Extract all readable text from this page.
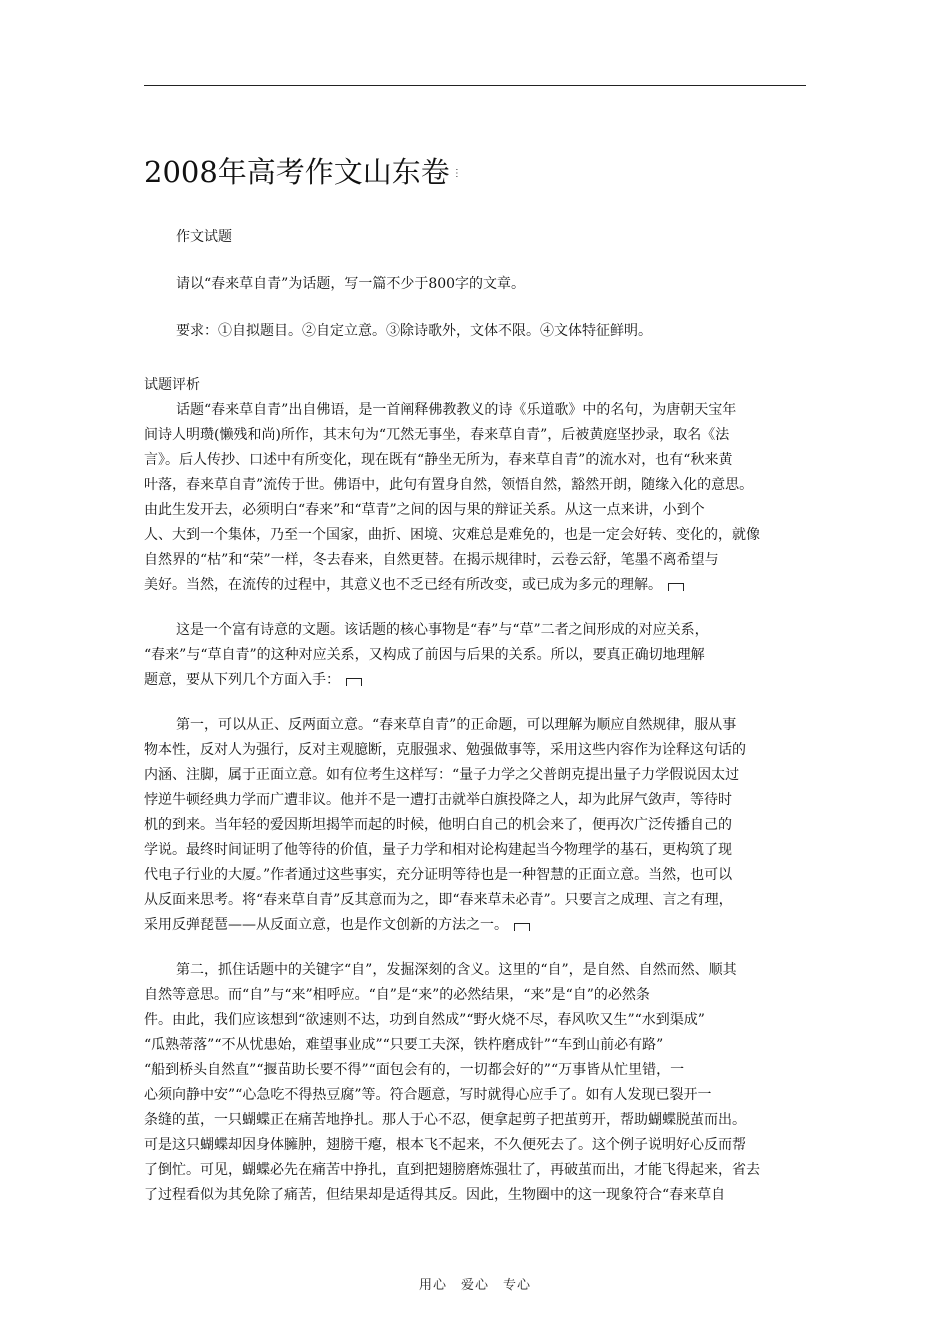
2008年高考作文山东卷 ⋮
作文试题
请以“春来草自青”为话题，写一篇不少于800字的文章。
要求：①自拟题目。②自定立意。③除诗歌外，文体不限。④文体特征鲜明。
试题评析
话题“春来草自青”出自佛语，是一首阐释佛教教义的诗《乐道歌》中的名句，为唐朝天宝年
间诗人明瓒(懒残和尚)所作，其末句为“兀然无事坐，春来草自青”，后被黄庭坚抄录，取名《法
言》。后人传抄、口述中有所变化，现在既有“静坐无所为，春来草自青”的流水对，也有“秋来黄
叶落，春来草自青”流传于世。佛语中，此句有置身自然，领悟自然，豁然开朗，随缘入化的意思。
由此生发开去，必须明白“春来”和“草青”之间的因与果的辩证关系。从这一点来讲，小到个
人、大到一个集体，乃至一个国家，曲折、困境、灾难总是难免的，也是一定会好转、变化的，就像
自然界的“枯”和“荣”一样，冬去春来，自然更替。在揭示规律时，云卷云舒，笔墨不离希望与
美好。当然，在流传的过程中，其意义也不乏已经有所改变，或已成为多元的理解。
这是一个富有诗意的文题。该话题的核心事物是“春”与“草”二者之间形成的对应关系，
“春来”与“草自青”的这种对应关系，又构成了前因与后果的关系。所以，要真正确切地理解
题意，要从下列几个方面入手：
第一，可以从正、反两面立意。“春来草自青”的正命题，可以理解为顺应自然规律，服从事
物本性，反对人为强行，反对主观臆断，克服强求、勉强做事等，采用这些内容作为诠释这句话的
内涵、注脚，属于正面立意。如有位考生这样写：“量子力学之父普朗克提出量子力学假说因太过
悖逆牛顿经典力学而广遭非议。他并不是一遭打击就举白旗投降之人，却为此屏气敛声，等待时
机的到来。当年轻的爱因斯坦揭竿而起的时候，他明白自己的机会来了，便再次广泛传播自己的
学说。最终时间证明了他等待的价值，量子力学和相对论构建起当今物理学的基石，更构筑了现
代电子行业的大厦。”作者通过这些事实，充分证明等待也是一种智慧的正面立意。当然，也可以
从反面来思考。将“春来草自青”反其意而为之，即“春来草未必青”。只要言之成理、言之有理，
采用反弹琵琶——从反面立意，也是作文创新的方法之一。
第二，抓住话题中的关键字“自”，发掘深刻的含义。这里的“自”，是自然、自然而然、顺其
自然等意思。而“自”与“来”相呼应。“自”是“来”的必然结果，“来”是“自”的必然条
件。由此，我们应该想到“欲速则不达，功到自然成”“野火烧不尽，春风吹又生”“水到渠成”
“瓜熟蒂落”“不从忧患始，难望事业成”“只要工夫深，铁杵磨成针”“车到山前必有路”
“船到桥头自然直”“揠苗助长要不得”“面包会有的，一切都会好的”“万事皆从忙里错，一
心须向静中安”“心急吃不得热豆腐”等。符合题意，写时就得心应手了。如有人发现已裂开一
条缝的茧，一只蝴蝶正在痛苦地挣扎。那人于心不忍，便拿起剪子把茧剪开，帮助蝴蝶脱茧而出。
可是这只蝴蝶却因身体臃肿，翅膀干瘪，根本飞不起来，不久便死去了。这个例子说明好心反而帮
了倒忙。可见，蝴蝶必先在痛苦中挣扎，直到把翅膀磨炼强壮了，再破茧而出，才能飞得起来，省去
了过程看似为其免除了痛苦，但结果却是适得其反。因此，生物圈中的这一现象符合“春来草自
用心　爱心　专心
